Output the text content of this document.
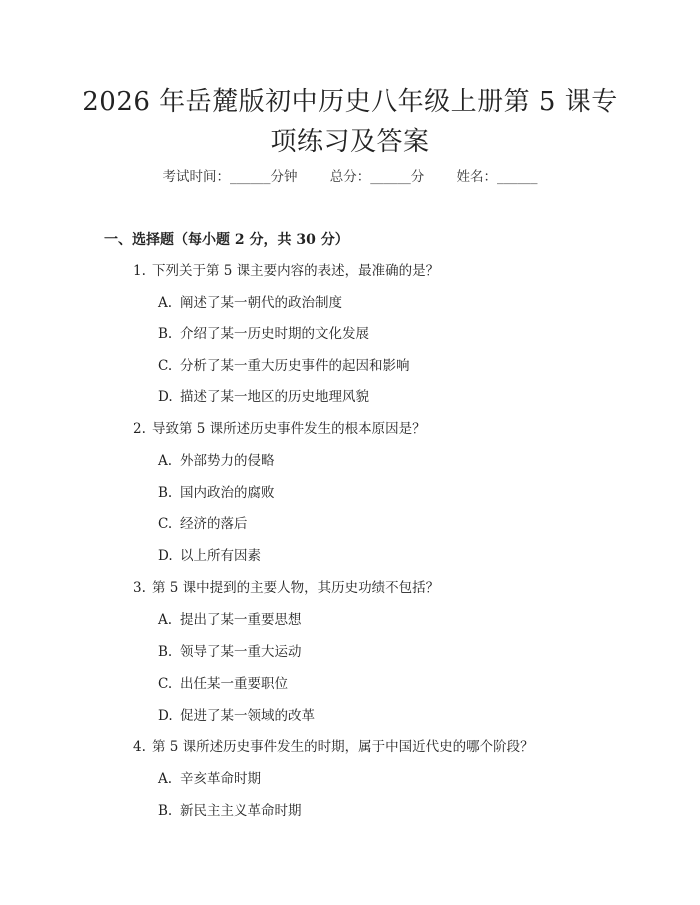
2026 年岳麓版初中历史八年级上册第 5 课专
项练习及答案
考试时间：______分钟 总分：______分 姓名：______
一、选择题（每小题 2 分，共 30 分）
1. 下列关于第 5 课主要内容的表述，最准确的是？
A. 阐述了某一朝代的政治制度
B. 介绍了某一历史时期的文化发展
C. 分析了某一重大历史事件的起因和影响
D. 描述了某一地区的历史地理风貌
2. 导致第 5 课所述历史事件发生的根本原因是？
A. 外部势力的侵略
B. 国内政治的腐败
C. 经济的落后
D. 以上所有因素
3. 第 5 课中提到的主要人物，其历史功绩不包括？
A. 提出了某一重要思想
B. 领导了某一重大运动
C. 出任某一重要职位
D. 促进了某一领域的改革
4. 第 5 课所述历史事件发生的时期，属于中国近代史的哪个阶段？
A. 辛亥革命时期
B. 新民主主义革命时期
